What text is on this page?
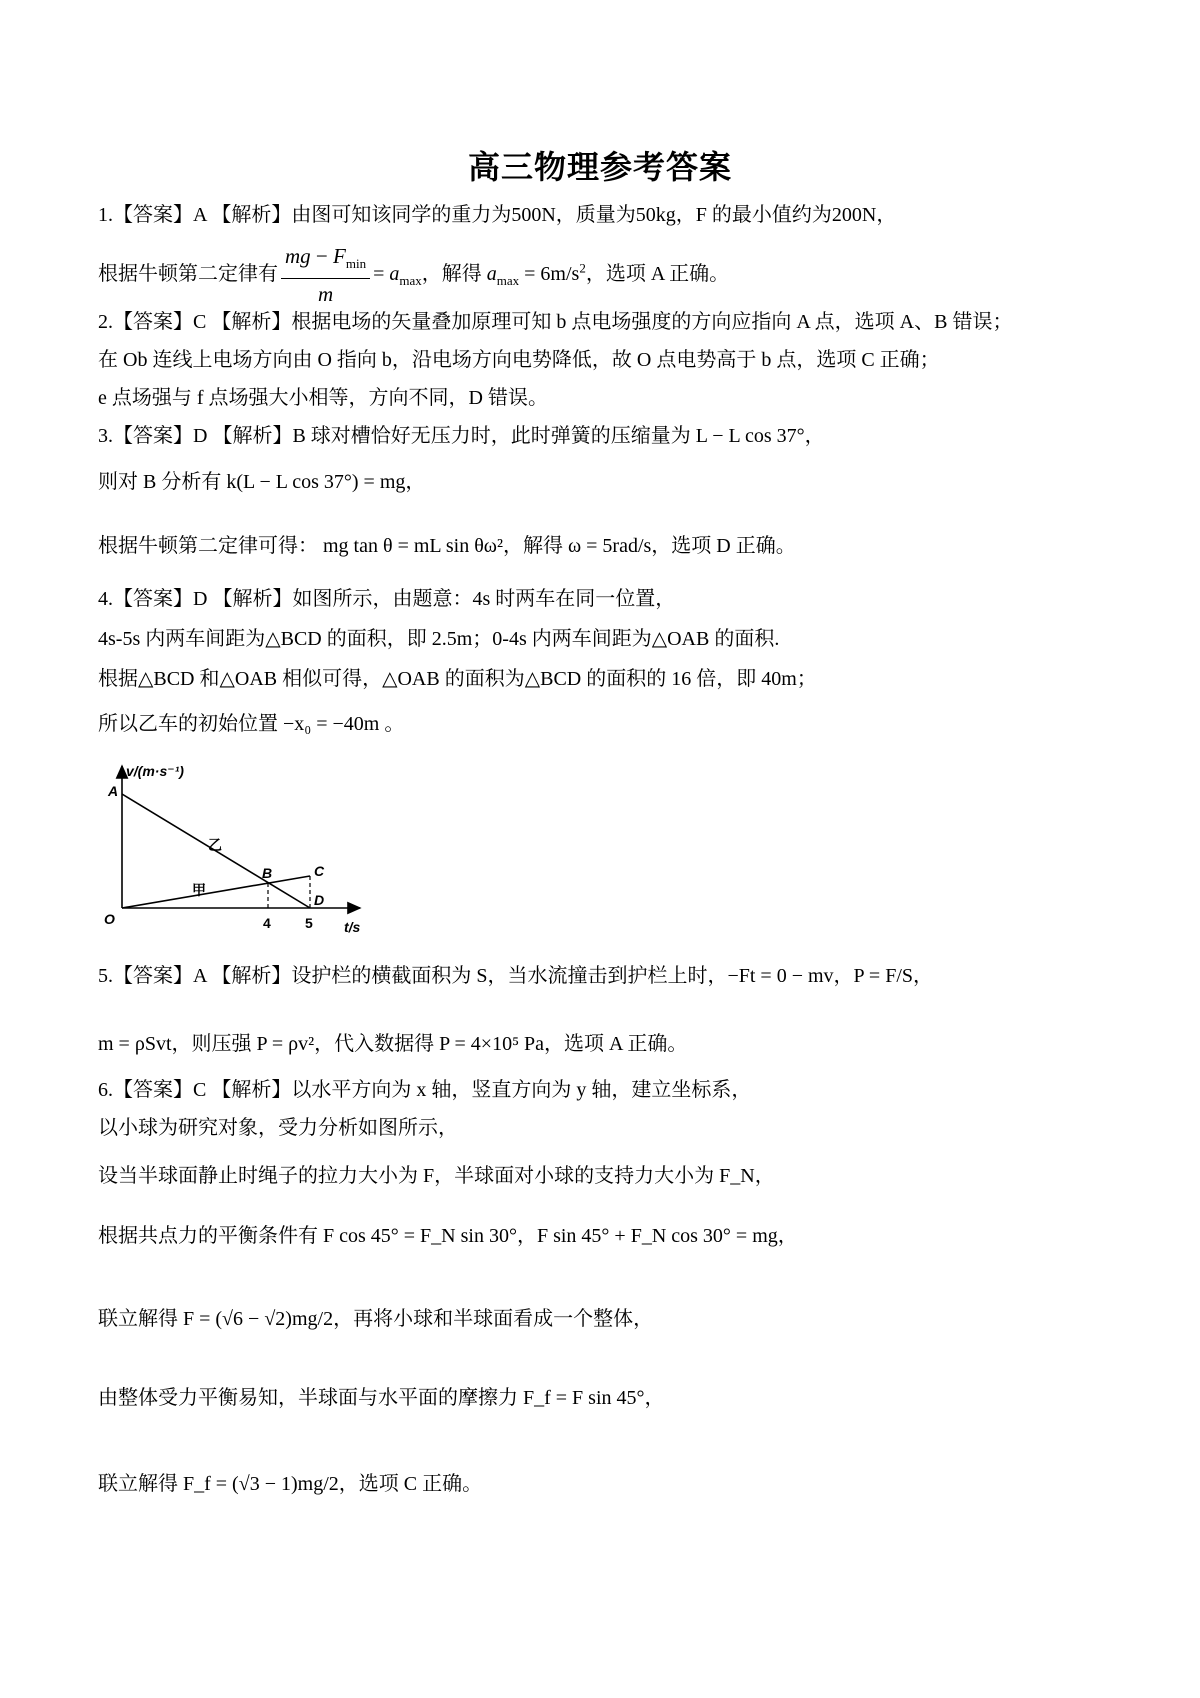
高三物理参考答案
1.【答案】A 【解析】由图可知该同学的重力为500N，质量为50kg，F 的最小值约为200N，
根据牛顿第二定律有 $\frac{mg - F_{min}}{m} = a_{max}$，解得 $a_{max} = 6m/s^2$，选项 A 正确。
2.【答案】C 【解析】根据电场的矢量叠加原理可知 b 点电场强度的方向应指向 A 点，选项 A、B 错误；
在 Ob 连线上电场方向由 O 指向 b，沿电场方向电势降低，故 O 点电势高于 b 点，选项 C 正确；
e 点场强与 f 点场强大小相等，方向不同，D 错误。
3.【答案】D 【解析】B 球对槽恰好无压力时，此时弹簧的压缩量为 L − L cos 37°，
则对 B 分析有 k(L − L cos 37°) = mg，
根据牛顿第二定律可得： mg tan θ = mL sin θω²，解得 ω = 5rad/s，选项 D 正确。
4.【答案】D 【解析】如图所示，由题意：4s 时两车在同一位置，
4s-5s 内两车间距为△BCD 的面积，即 2.5m；0-4s 内两车间距为△OAB 的面积.
根据△BCD 和△OAB 相似可得，△OAB 的面积为△BCD 的面积的 16 倍，即 40m；
所以乙车的初始位置 −x₀ = −40m 。
v/(m·s⁻¹)
A
B	C
D
O
乙
甲
4 5 t/s
5.【答案】A 【解析】设护栏的横截面积为 S，当水流撞击到护栏上时，−Ft = 0 − mv，P = F/S，
m = ρSvt，则压强 P = ρv²，代入数据得 P = 4×10⁵ Pa，选项 A 正确。
6.【答案】C 【解析】以水平方向为 x 轴，竖直方向为 y 轴，建立坐标系，
以小球为研究对象，受力分析如图所示，
设当半球面静止时绳子的拉力大小为 F，半球面对小球的支持力大小为 F_N，
根据共点力的平衡条件有 F cos 45° = F_N sin 30°，F sin 45° + F_N cos 30° = mg，
联立解得 F = (√6 − √2)mg/2，再将小球和半球面看成一个整体，
由整体受力平衡易知，半球面与水平面的摩擦力 F_f = F sin 45°，
联立解得 F_f = (√3 − 1)mg/2，选项 C 正确。
